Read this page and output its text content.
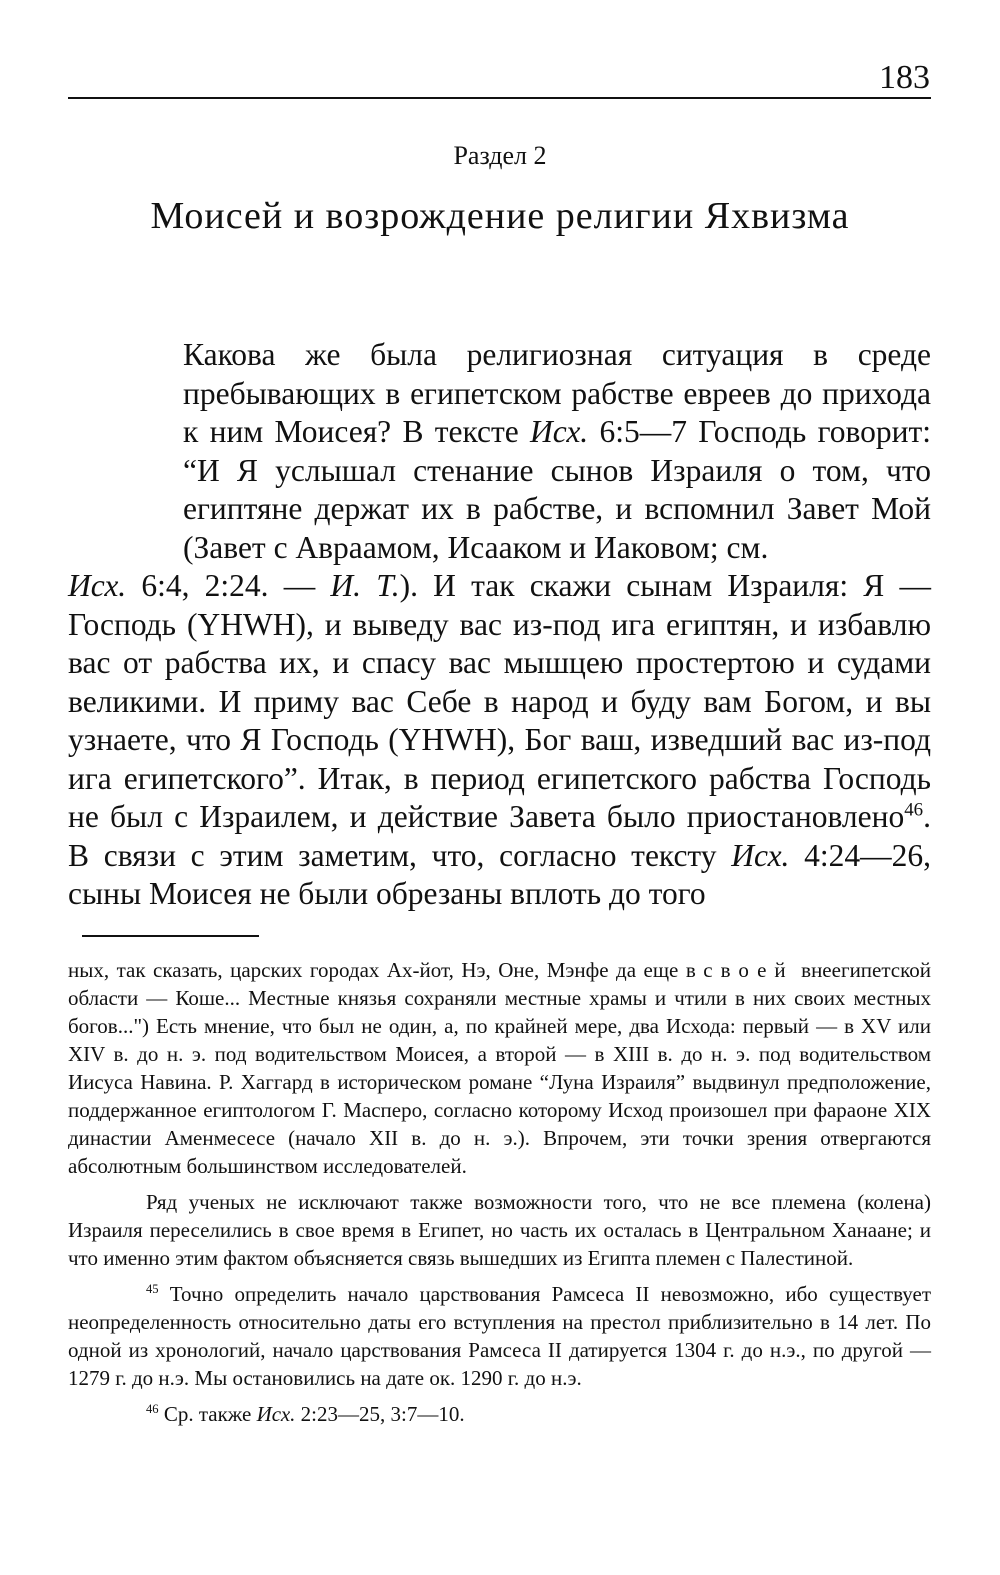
183
Раздел 2
Моисей и возрождение религии Яхвизма
Какова же была религиозная ситуация в среде пребывающих в египетском рабстве евреев до прихода к ним Моисея? В тексте Исх. 6:5—7 Господь говорит: “И Я услышал стенание сынов Израиля о том, что египтяне держат их в рабстве, и вспомнил Завет Мой (Завет с Авраамом, Исааком и Иаковом; см.
Исх. 6:4, 2:24. — И. Т.). И так скажи сынам Израиля: Я — Господь (YHWH), и выведу вас из-под ига египтян, и избавлю вас от рабства их, и спасу вас мышцею простертою и судами великими. И приму вас Себе в народ и буду вам Богом, и вы узнаете, что Я Господь (YHWH), Бог ваш, изведший вас из-под ига египетского”. Итак, в период египетского рабства Господь не был с Израилем, и действие Завета было приостановлено$^{46}$. В связи с этим заметим, что, согласно тексту Исх. 4:24—26, сыны Моисея не были обрезаны вплоть до того

ных, так сказать, царских городах Ах-йот, Нэ, Оне, Мэнфе да еще в своей внеегипетской области — Коше... Местные князья сохраняли местные храмы и чтили в них своих местных богов...") Есть мнение, что был не один, а, по крайней мере, два Исхода: первый — в XV или XIV в. до н. э. под водительством Моисея, а второй — в XIII в. до н. э. под водительством Иисуса Навина. Р. Хаггард в историческом романе “Луна Израиля” выдвинул предположение, поддержанное египтологом Г. Масперо, согласно которому Исход произошел при фараоне XIX династии Аменмесесе (начало XII в. до н. э.). Впрочем, эти точки зрения отвергаются абсолютным большинством исследователей.

Ряд ученых не исключают также возможности того, что не все племена (колена) Израиля переселились в свое время в Египет, но часть их осталась в Центральном Ханаане; и что именно этим фактом объясняется связь вышедших из Египта племен с Палестиной.

$^{45}$ Точно определить начало царствования Рамсеса II невозможно, ибо существует неопределенность относительно даты его вступления на престол приблизительно в 14 лет. По одной из хронологий, начало царствования Рамсеса II датируется 1304 г. до н.э., по другой — 1279 г. до н.э. Мы остановились на дате ок. 1290 г. до н.э.

$^{46}$ Ср. также Исх. 2:23—25, 3:7—10.
